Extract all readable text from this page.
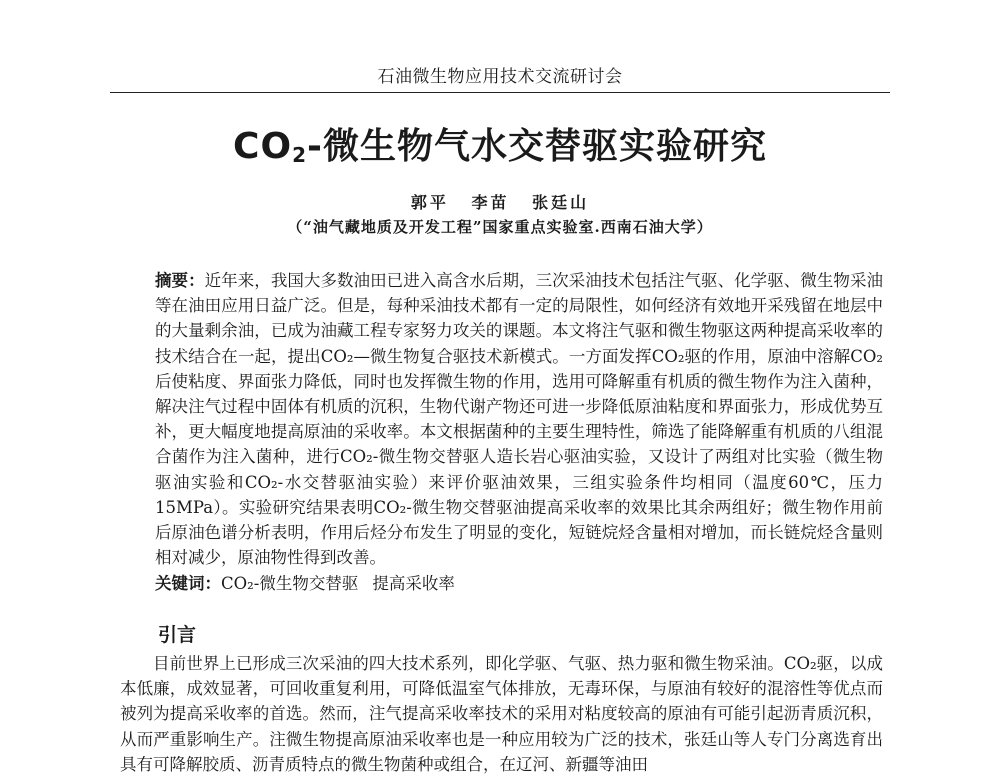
石油微生物应用技术交流研讨会
$CO_2-$微生物气水交替驱实验研究
郭平 李苗 张廷山
（“油气藏地质及开发工程”国家重点实验室.西南石油大学）

摘要：近年来，我国大多数油田已进入高含水后期，三次采油技术包括注气驱、化学驱、微生物采油等在油田应用日益广泛。但是，每种采油技术都有一定的局限性，如何经济有效地开采残留在地层中的大量剩余油，已成为油藏工程专家努力攻关的课题。本文将注气驱和微生物驱这两种提高采收率的技术结合在一起，提出CO₂—微生物复合驱技术新模式。一方面发挥CO₂驱的作用，原油中溶解CO₂后使粘度、界面张力降低，同时也发挥微生物的作用，选用可降解重有机质的微生物作为注入菌种，解决注气过程中固体有机质的沉积，生物代谢产物还可进一步降低原油粘度和界面张力，形成优势互补，更大幅度地提高原油的采收率。本文根据菌种的主要生理特性，筛选了能降解重有机质的八组混合菌作为注入菌种，进行CO₂-微生物交替驱人造长岩心驱油实验，又设计了两组对比实验（微生物驱油实验和CO₂-水交替驱油实验）来评价驱油效果，三组实验条件均相同（温度60℃，压力15MPa）。实验研究结果表明CO₂-微生物交替驱油提高采收率的效果比其余两组好；微生物作用前后原油色谱分析表明，作用后烃分布发生了明显的变化，短链烷烃含量相对增加，而长链烷烃含量则相对减少，原油物性得到改善。

关键词：CO₂-微生物交替驱 提高采收率
引言

目前世界上已形成三次采油的四大技术系列，即化学驱、气驱、热力驱和微生物采油。CO₂驱，以成本低廉，成效显著，可回收重复利用，可降低温室气体排放，无毒环保，与原油有较好的混溶性等优点而被列为提高采收率的首选。然而，注气提高采收率技术的采用对粘度较高的原油有可能引起沥青质沉积，从而严重影响生产。注微生物提高原油采收率也是一种应用较为广泛的技术，张廷山等人专门分离选育出具有可降解胶质、沥青质特点的微生物菌种或组合，在辽河、新疆等油田
